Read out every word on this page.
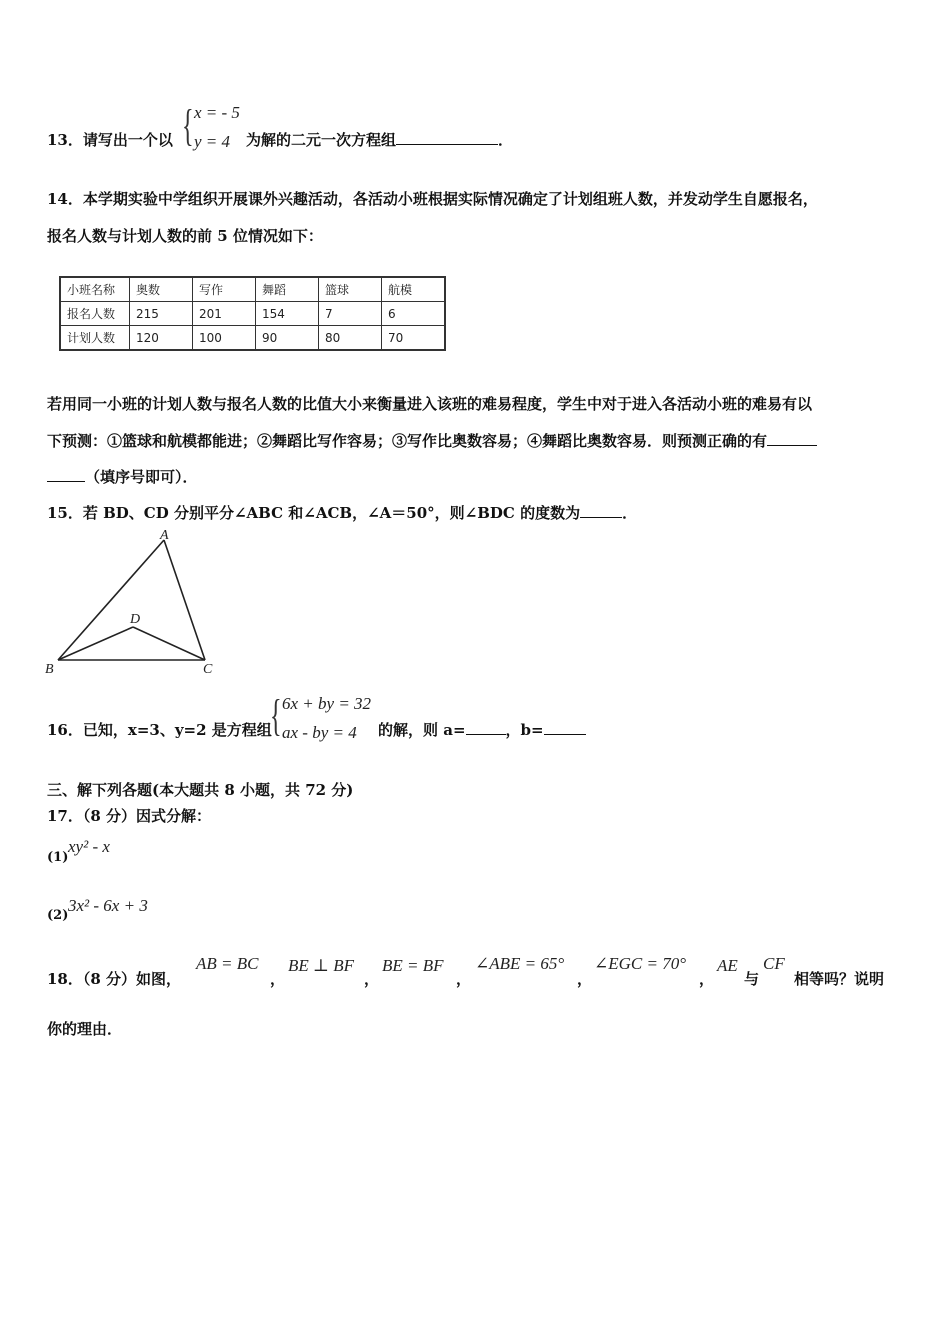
13．请写出一个以 { x = - 5
y = 4 为解的二元一次方程组	．
14．本学期实验中学组织开展课外兴趣活动，各活动小班根据实际情况确定了计划组班人数，并发动学生自愿报名，
报名人数与计划人数的前 5 位情况如下：
小班名称	奥数	写作	舞蹈	篮球	航模
报名人数	215	201	154	7	6
计划人数	120	100	90	80	70
若用同一小班的计划人数与报名人数的比值大小来衡量进入该班的难易程度，学生中对于进入各活动小班的难易有以
下预测：①篮球和航模都能进；②舞蹈比写作容易；③写作比奥数容易；④舞蹈比奥数容易．则预测正确的有
（填序号即可）．
15．若 BD、CD 分别平分∠ABC 和∠ACB，∠A＝50°，则∠BDC 的度数为	．
A
D
B	C
16．已知，x=3、y=2 是方程组
{ 6x + by = 32
ax - by = 4 的解，则 a=	，b=
三、解下列各题(本大题共 8 小题，共 72 分)
17．（8 分）因式分解：
(1)
xy² - x
(2)
3x² - 6x + 3
18．（8 分）如图，
AB = BC
，
BE ⊥ BF
，
BE = BF
，
∠ABE = 65°
，
∠EGC = 70°
，
AE
与
CF
相等吗？说明
你的理由．
